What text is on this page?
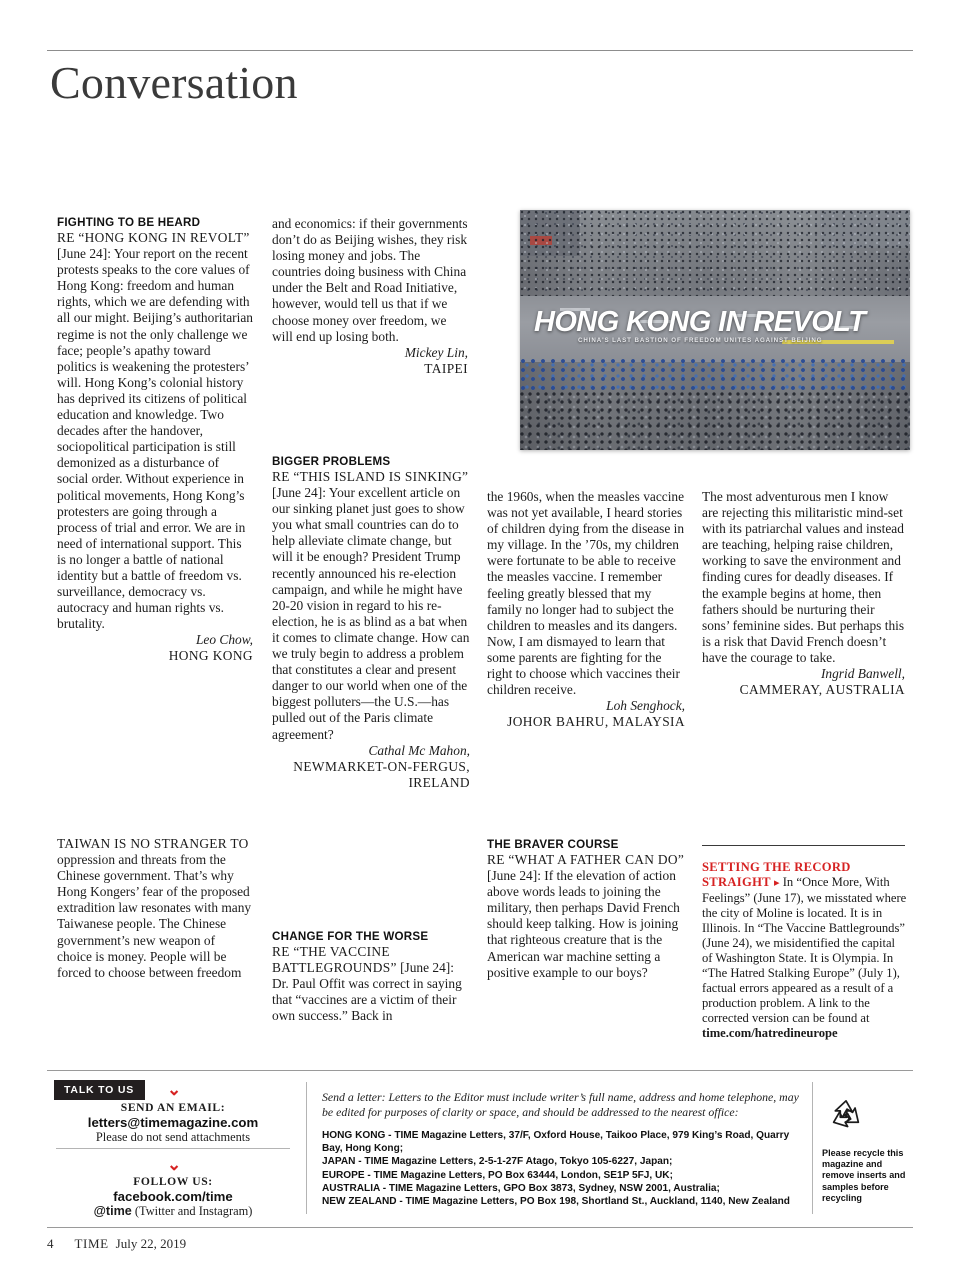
Conversation

FIGHTING TO BE HEARD

RE “HONG KONG IN REVOLT” [June 24]: Your report on the recent protests speaks to the core values of Hong Kong: freedom and human rights, which we are defending with all our might. Beijing’s authoritarian regime is not the only challenge we face; people’s apathy toward politics is weakening the protesters’ will. Hong Kong’s colonial history has deprived its citizens of political education and knowledge. Two decades after the handover, sociopolitical participation is still demonized as a disturbance of social order. Without experience in political movements, Hong Kong’s protesters are going through a process of trial and error. We are in need of international support. This is no longer a battle of national identity but a battle of freedom vs. surveillance, democracy vs. autocracy and human rights vs. brutality.
Leo Chow,
HONG KONG

TAIWAN IS NO STRANGER TO oppression and threats from the Chinese government. That’s why Hong Kongers’ fear of the proposed extradition law resonates with many Taiwanese people. The Chinese government’s new weapon of choice is money. People will be forced to choose between freedom

and economics: if their governments don’t do as Beijing wishes, they risk losing money and jobs. The countries doing business with China under the Belt and Road Initiative, however, would tell us that if we choose money over freedom, we will end up losing both.
Mickey Lin,
TAIPEI

BIGGER PROBLEMS

RE “THIS ISLAND IS SINKING” [June 24]: Your excellent article on our sinking planet just goes to show you what small countries can do to help alleviate climate change, but will it be enough? President Trump recently announced his re-election campaign, and while he might have 20-20 vision in regard to his re-election, he is as blind as a bat when it comes to climate change. How can we truly begin to address a problem that constitutes a clear and present danger to our world when one of the biggest polluters—the U.S.—has pulled out of the Paris climate agreement?
Cathal Mc Mahon,
NEWMARKET-ON-FERGUS, IRELAND

CHANGE FOR THE WORSE

RE “THE VACCINE BATTLEGROUNDS” [June 24]: Dr. Paul Offit was correct in saying that “vaccines are a victim of their own success.” Back in

HONG KONG IN REVOLT
CHINA'S LAST BASTION OF FREEDOM UNITES AGAINST BEIJING

the 1960s, when the measles vaccine was not yet available, I heard stories of children dying from the disease in my village. In the ’70s, my children were fortunate to be able to receive the measles vaccine. I remember feeling greatly blessed that my family no longer had to subject the children to measles and its dangers. Now, I am dismayed to learn that some parents are fighting for the right to choose which vaccines their children receive.
Loh Senghock,
JOHOR BAHRU, MALAYSIA

THE BRAVER COURSE

RE “WHAT A FATHER CAN DO” [June 24]: If the elevation of action above words leads to joining the military, then perhaps David French should keep talking. How is joining that righteous creature that is the American war machine setting a positive example to our boys?

The most adventurous men I know are rejecting this militaristic mind-set with its patriarchal values and instead are teaching, helping raise children, working to save the environment and finding cures for deadly diseases. If the example begins at home, then fathers should be nurturing their sons’ feminine sides. But perhaps this is a risk that David French doesn’t have the courage to take.
Ingrid Banwell,
CAMMERAY, AUSTRALIA

SETTING THE RECORD STRAIGHT ▸ In “Once More, With Feelings” (June 17), we misstated where the city of Moline is located. It is in Illinois. In “The Vaccine Battlegrounds” (June 24), we misidentified the capital of Washington State. It is Olympia. In “The Hatred Stalking Europe” (July 1), factual errors appeared as a result of a production problem. A link to the corrected version can be found at time.com/hatredineurope
TALK TO US	⌄
SEND AN EMAIL:
letters@timemagazine.com
Please do not send attachments
⌄
FOLLOW US:
facebook.com/time
@time (Twitter and Instagram)
Send a letter: Letters to the Editor must include writer’s full name, address and home telephone, may be edited for purposes of clarity or space, and should be addressed to the nearest office:
HONG KONG - TIME Magazine Letters, 37/F, Oxford House, Taikoo Place, 979 King’s Road, Quarry Bay, Hong Kong;
JAPAN - TIME Magazine Letters, 2-5-1-27F Atago, Tokyo 105-6227, Japan;
EUROPE - TIME Magazine Letters, PO Box 63444, London, SE1P 5FJ, UK;
AUSTRALIA - TIME Magazine Letters, GPO Box 3873, Sydney, NSW 2001, Australia;
NEW ZEALAND - TIME Magazine Letters, PO Box 198, Shortland St., Auckland, 1140, New Zealand
Please recycle this magazine and remove inserts and samples before recycling
4 TIME July 22, 2019
